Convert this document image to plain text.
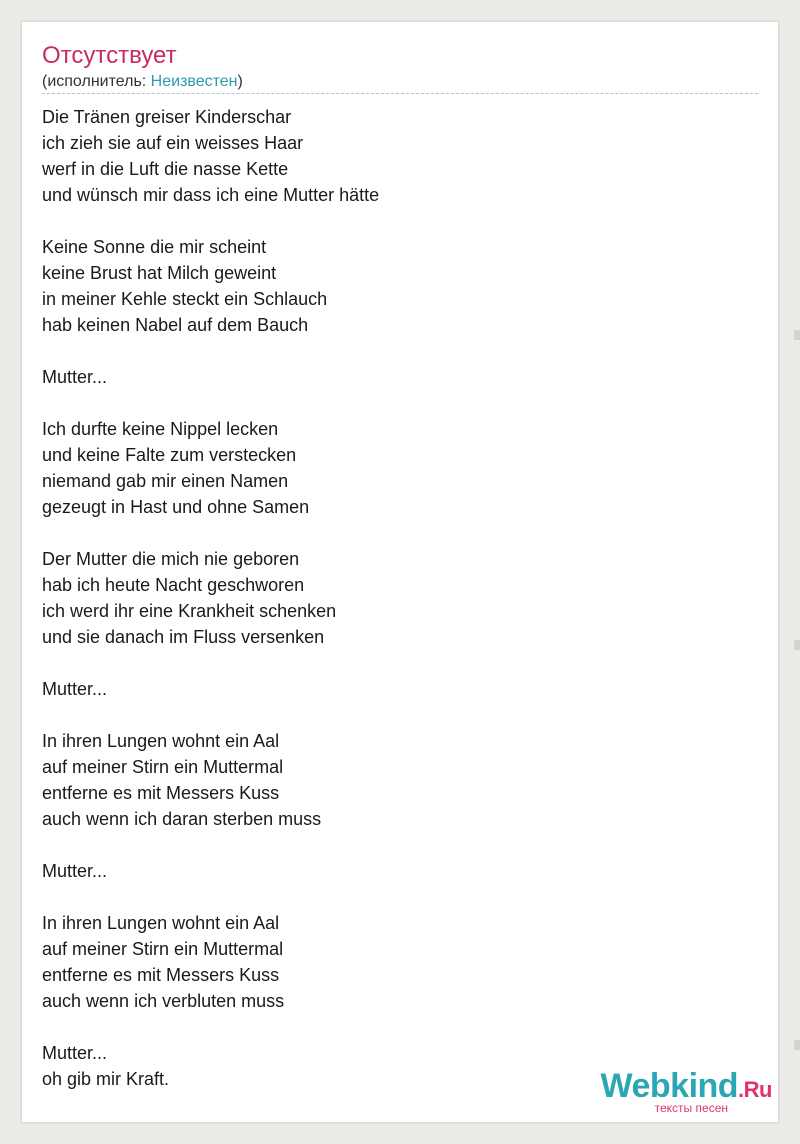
Отсутствует
(исполнитель: Неизвестен)
Die Tränen greiser Kinderschar
ich zieh sie auf ein weisses Haar
werf in die Luft die nasse Kette
und wünsch mir dass ich eine Mutter hätte
Keine Sonne die mir scheint
keine Brust hat Milch geweint
in meiner Kehle steckt ein Schlauch
hab keinen Nabel auf dem Bauch
Mutter...
Ich durfte keine Nippel lecken
und keine Falte zum verstecken
niemand gab mir einen Namen
gezeugt in Hast und ohne Samen
Der Mutter die mich nie geboren
hab ich heute Nacht geschworen
ich werd ihr eine Krankheit schenken
und sie danach im Fluss versenken
Mutter...
In ihren Lungen wohnt ein Aal
auf meiner Stirn ein Muttermal
entferne es mit Messers Kuss
auch wenn ich daran sterben muss
Mutter...
In ihren Lungen wohnt ein Aal
auf meiner Stirn ein Muttermal
entferne es mit Messers Kuss
auch wenn ich verbluten muss
Mutter...
oh gib mir Kraft.	Webkind.Ru
тексты песен
